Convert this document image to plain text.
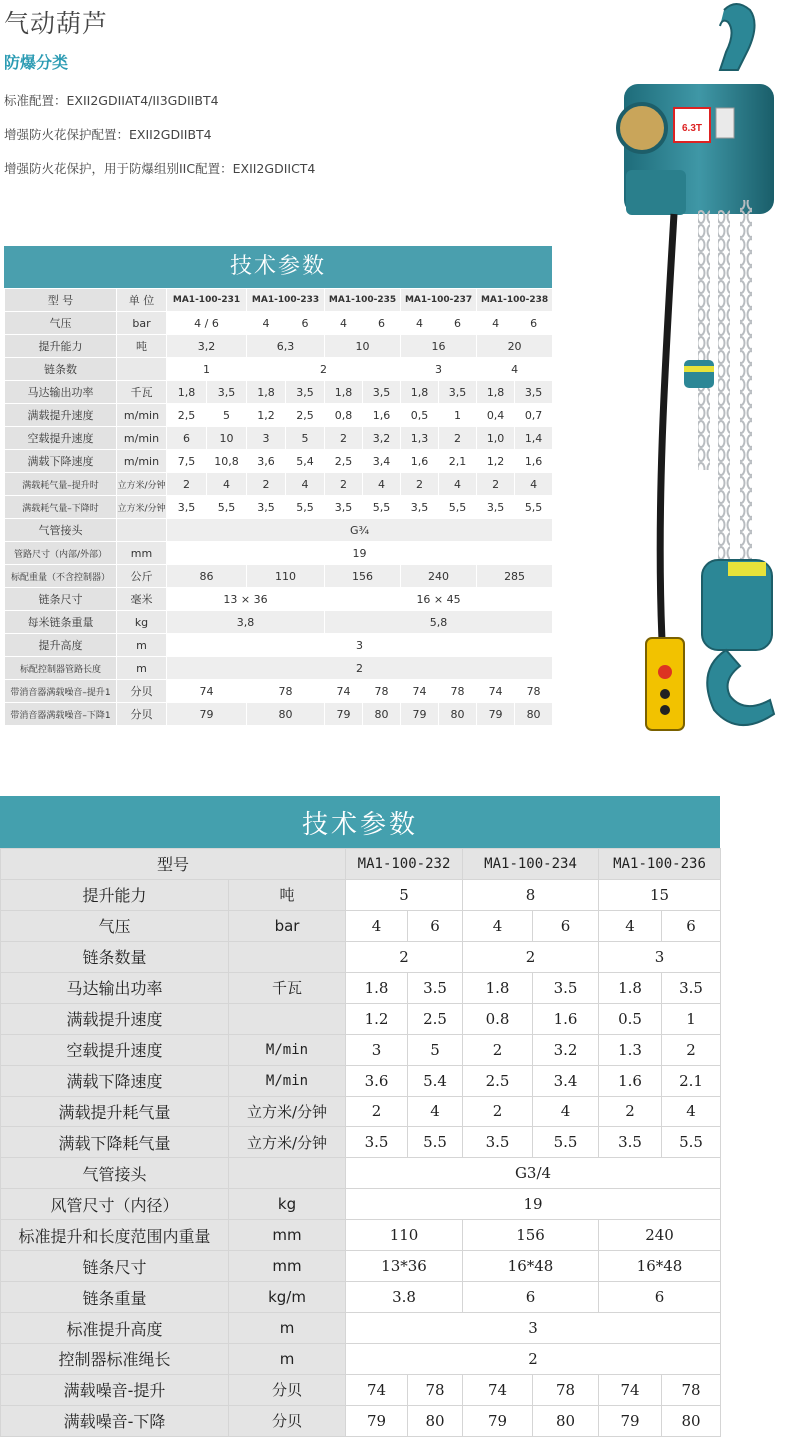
气动葫芦
防爆分类
标准配置：EXII2GDIIAT4/II3GDIIBT4
增强防火花保护配置：EXII2GDIIBT4
增强防火花保护，用于防爆组别IIC配置：EXII2GDIICT4
6.3T
技术参数
型 号	单 位	MA1-100-231		MA1-100-233		MA1-100-235		MA1-100-237		MA1-100-238	
气压	bar	4 / 6		4	6	4	6	4	6	4	6
提升能力	吨	3,2		6,3		10		16		20	
链条数		1		2				3		4	
马达输出功率	千瓦	1,8	3,5	1,8	3,5	1,8	3,5	1,8	3,5	1,8	3,5
满载提升速度	m/min	2,5	5	1,2	2,5	0,8	1,6	0,5	1	0,4	0,7
空载提升速度	m/min	6	10	3	5	2	3,2	1,3	2	1,0	1,4
满载下降速度	m/min	7,5	10,8	3,6	5,4	2,5	3,4	1,6	2,1	1,2	1,6
满载耗气量–提升时	立方米/分钟	2	4	2	4	2	4	2	4	2	4
满载耗气量–下降时	立方米/分钟	3,5	5,5	3,5	5,5	3,5	5,5	3,5	5,5	3,5	5,5
气管接头		G¾									
管路尺寸（内部/外部）	mm	19									
标配重量（不含控制器）	公斤	86		110		156		240		285	
链条尺寸	毫米	13 × 36				16 × 45					
每米链条重量	kg	3,8				5,8					
提升高度	m	3									
标配控制器管路长度	m	2									
带消音器满载噪音–提升1	分贝	74		78		74	78	74	78	74	78
带消音器满载噪音–下降1	分贝	79		80		79	80	79	80	79	80
技术参数
型号		MA1-100-232		MA1-100-234		MA1-100-236	
提升能力	吨	5		8		15	
气压	bar	4	6	4	6	4	6
链条数量		2		2		3	
马达输出功率	千瓦	1.8	3.5	1.8	3.5	1.8	3.5
满载提升速度		1.2	2.5	0.8	1.6	0.5	1
空载提升速度	M/min	3	5	2	3.2	1.3	2
满载下降速度	M/min	3.6	5.4	2.5	3.4	1.6	2.1
满载提升耗气量	立方米/分钟	2	4	2	4	2	4
满载下降耗气量	立方米/分钟	3.5	5.5	3.5	5.5	3.5	5.5
气管接头		G3/4					
风管尺寸（内径）	kg	19					
标准提升和长度范围内重量	mm	110		156		240	
链条尺寸	mm	13*36		16*48		16*48	
链条重量	kg/m	3.8		6		6	
标准提升高度	m	3					
控制器标准绳长	m	2					
满载噪音-提升	分贝	74	78	74	78	74	78
满载噪音-下降	分贝	79	80	79	80	79	80
